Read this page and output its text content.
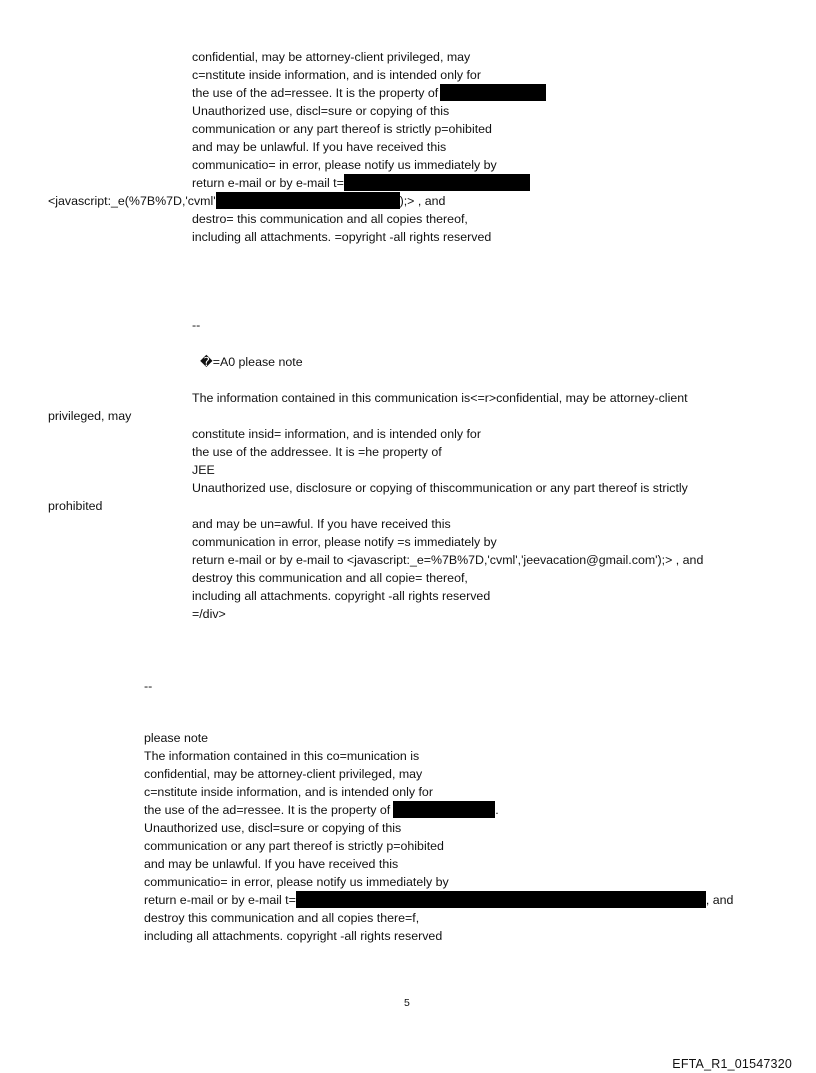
confidential, may be attorney-client privileged, may
c=nstitute inside information, and is intended only for
the use of the ad=ressee. It is the property of
Unauthorized use, discl=sure or copying of this
communication or any part thereof is strictly p=ohibited
and may be unlawful. If you have received this
communicatio= in error, please notify us immediately by
return e-mail or by e-mail t=
<javascript:_e(%7B%7D,'cvml'	);> , and
destro= this communication and all copies thereof,
including all attachments. =opyright -all rights reserved
--
�=A0 please note
The information contained in this communication is<=r>confidential, may be attorney-client
privileged, may
constitute insid= information, and is intended only for
the use of the addressee. It is =he property of
JEE
Unauthorized use, disclosure or copying of thiscommunication or any part thereof is strictly
prohibited
and may be un=awful. If you have received this
communication in error, please notify =s immediately by
return e-mail or by e-mail to <javascript:_e=%7B%7D,'cvml','jeevacation@gmail.com');> , and
destroy this communication and all copie= thereof,
including all attachments. copyright -all rights reserved
=/div>
--
please note
The information contained in this co=munication is
confidential, may be attorney-client privileged, may
c=nstitute inside information, and is intended only for
the use of the ad=ressee. It is the property of	.
Unauthorized use, discl=sure or copying of this
communication or any part thereof is strictly p=ohibited
and may be unlawful. If you have received this
communicatio= in error, please notify us immediately by
return e-mail or by e-mail t=	, and
destroy this communication and all copies there=f,
including all attachments. copyright -all rights reserved
5
EFTA_R1_01547320
